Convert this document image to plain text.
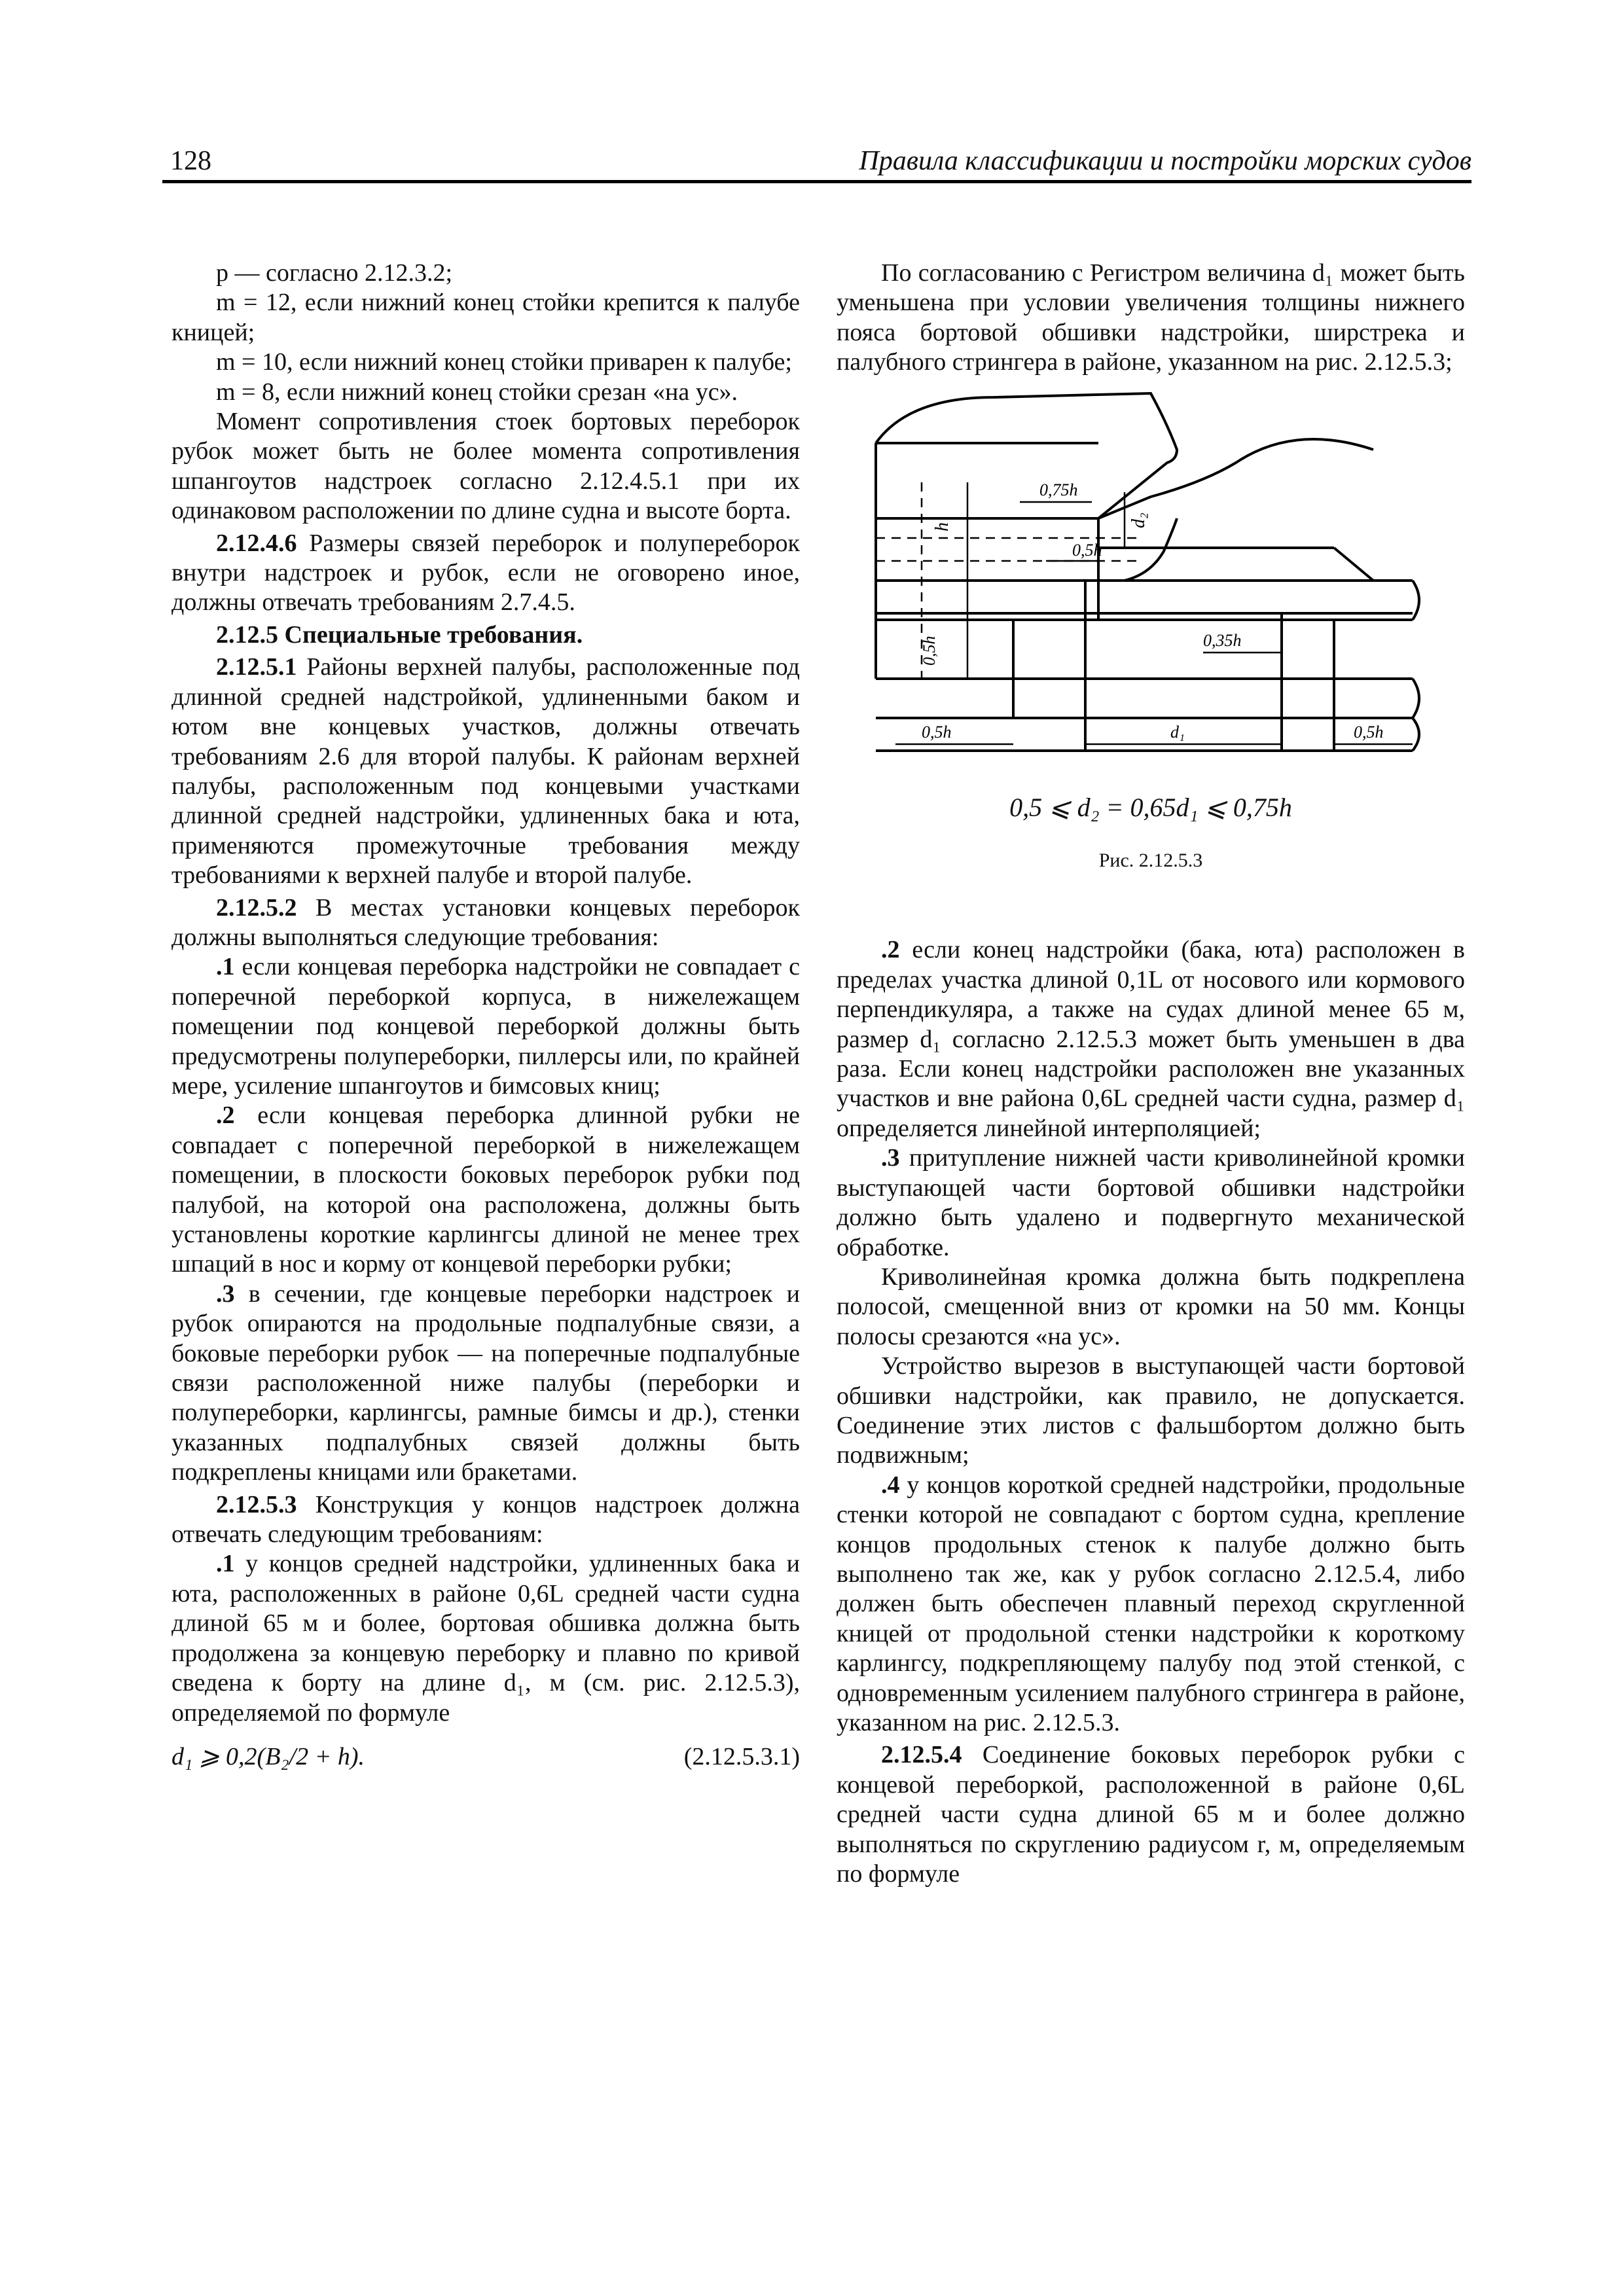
128	Правила классификации и постройки морских судов

p — согласно 2.12.3.2;

m = 12, если нижний конец стойки крепится к палубе кницей;

m = 10, если нижний конец стойки приварен к палубе;

m = 8, если нижний конец стойки срезан «на ус».

Момент сопротивления стоек бортовых переборок рубок может быть не более момента сопротивления шпангоутов надстроек согласно 2.12.4.5.1 при их одинаковом расположении по длине судна и высоте борта.

2.12.4.6 Размеры связей переборок и полупереборок внутри надстроек и рубок, если не оговорено иное, должны отвечать требованиям 2.7.4.5.

2.12.5 Специальные требования.

2.12.5.1 Районы верхней палубы, расположенные под длинной средней надстройкой, удлиненными баком и ютом вне концевых участков, должны отвечать требованиям 2.6 для второй палубы. К районам верхней палубы, расположенным под концевыми участками длинной средней надстройки, удлиненных бака и юта, применяются промежуточные требования между требованиями к верхней палубе и второй палубе.

2.12.5.2 В местах установки концевых переборок должны выполняться следующие требования:

.1 если концевая переборка надстройки не совпадает с поперечной переборкой корпуса, в нижележащем помещении под концевой переборкой должны быть предусмотрены полупереборки, пиллерсы или, по крайней мере, усиление шпангоутов и бимсовых книц;

.2 если концевая переборка длинной рубки не совпадает с поперечной переборкой в нижележащем помещении, в плоскости боковых переборок рубки под палубой, на которой она расположена, должны быть установлены короткие карлингсы длиной не менее трех шпаций в нос и корму от концевой переборки рубки;

.3 в сечении, где концевые переборки надстроек и рубок опираются на продольные подпалубные связи, а боковые переборки рубок — на поперечные подпалубные связи расположенной ниже палубы (переборки и полупереборки, карлингсы, рамные бимсы и др.), стенки указанных подпалубных связей должны быть подкреплены кницами или бракетами.

2.12.5.3 Конструкция у концов надстроек должна отвечать следующим требованиям:

.1 у концов средней надстройки, удлиненных бака и юта, расположенных в районе 0,6L средней части судна длиной 65 м и более, бортовая обшивка должна быть продолжена за концевую переборку и плавно по кривой сведена к борту на длине d₁, м (см. рис. 2.12.5.3), определяемой по формуле

d₁ ⩾ 0,2(B₂/2 + h).	(2.12.5.3.1)

По согласованию с Регистром величина d₁ может быть уменьшена при условии увеличения толщины нижнего пояса бортовой обшивки надстройки, ширстрека и палубного стрингера в районе, указанном на рис. 2.12.5.3;

h
0,75h
d₂
0,5h
0,35h
0,5h
0,5h	d₁	0,5h
0,5 ⩽ d₂ = 0,65d₁ ⩽ 0,75h
Рис. 2.12.5.3

.2 если конец надстройки (бака, юта) расположен в пределах участка длиной 0,1L от носового или кормового перпендикуляра, а также на судах длиной менее 65 м, размер d₁ согласно 2.12.5.3 может быть уменьшен в два раза. Если конец надстройки расположен вне указанных участков и вне района 0,6L средней части судна, размер d₁ определяется линейной интерполяцией;

.3 притупление нижней части криволинейной кромки выступающей части бортовой обшивки надстройки должно быть удалено и подвергнуто механической обработке.

Криволинейная кромка должна быть подкреплена полосой, смещенной вниз от кромки на 50 мм. Концы полосы срезаются «на ус».

Устройство вырезов в выступающей части бортовой обшивки надстройки, как правило, не допускается. Соединение этих листов с фальшбортом должно быть подвижным;

.4 у концов короткой средней надстройки, продольные стенки которой не совпадают с бортом судна, крепление концов продольных стенок к палубе должно быть выполнено так же, как у рубок согласно 2.12.5.4, либо должен быть обеспечен плавный переход скругленной кницей от продольной стенки надстройки к короткому карлингсу, подкрепляющему палубу под этой стенкой, с одновременным усилением палубного стрингера в районе, указанном на рис. 2.12.5.3.

2.12.5.4 Соединение боковых переборок рубки с концевой переборкой, расположенной в районе 0,6L средней части судна длиной 65 м и более должно выполняться по скруглению радиусом r, м, определяемым по формуле
